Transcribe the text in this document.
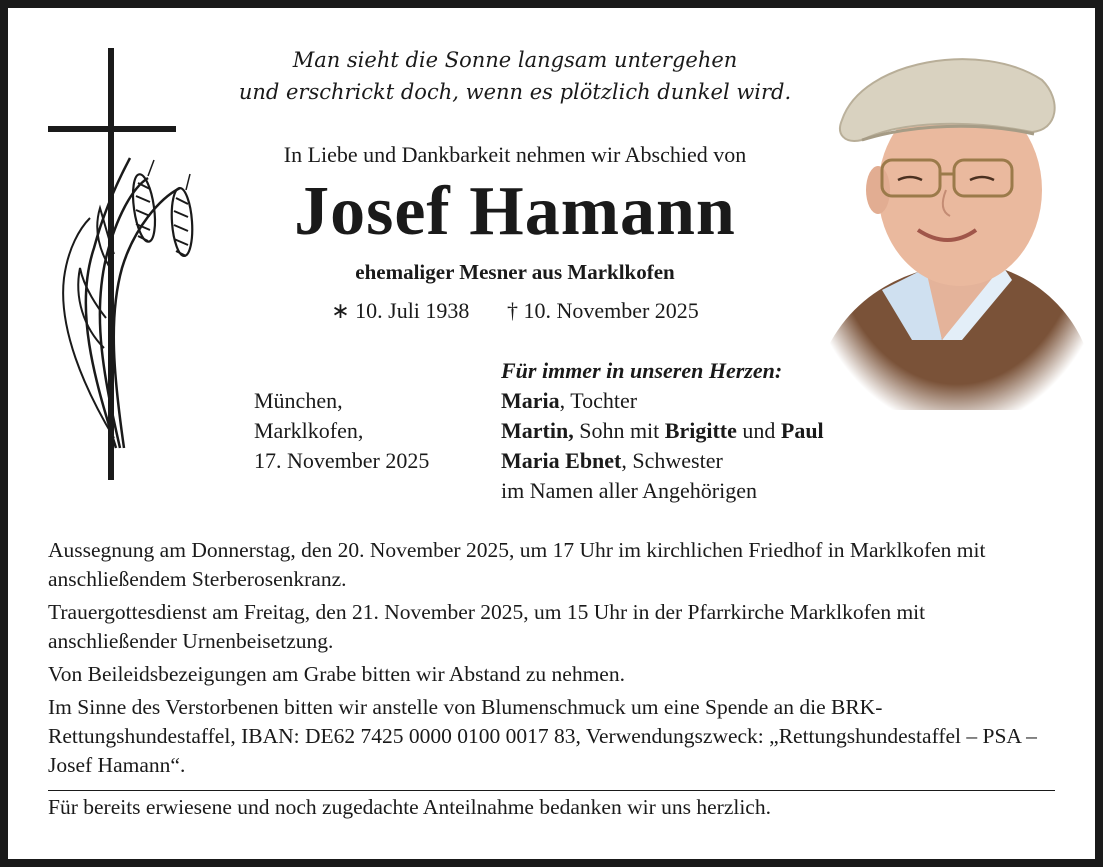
Man sieht die Sonne langsam untergehen
und erschrickt doch, wenn es plötzlich dunkel wird.
In Liebe und Dankbarkeit nehmen wir Abschied von
Josef Hamann
ehemaliger Mesner aus Marklkofen
∗ 10. Juli 1938 † 10. November 2025
München,
Marklkofen,
17. November 2025
Für immer in unseren Herzen:
Maria, Tochter
Martin, Sohn mit Brigitte und Paul
Maria Ebnet, Schwester
im Namen aller Angehörigen

Aussegnung am Donnerstag, den 20. November 2025, um 17 Uhr im kirchlichen Friedhof in Marklkofen mit anschließendem Sterberosenkranz.

Trauergottesdienst am Freitag, den 21. November 2025, um 15 Uhr in der Pfarrkirche Marklkofen mit anschließender Urnenbeisetzung.

Von Beileidsbezeigungen am Grabe bitten wir Abstand zu nehmen.

Im Sinne des Verstorbenen bitten wir anstelle von Blumenschmuck um eine Spende an die BRK-Rettungshundestaffel, IBAN: DE62 7425 0000 0100 0017 83, Verwendungszweck: „Rettungshundestaffel – PSA – Josef Hamann“.

Für bereits erwiesene und noch zugedachte Anteilnahme bedanken wir uns herzlich.
